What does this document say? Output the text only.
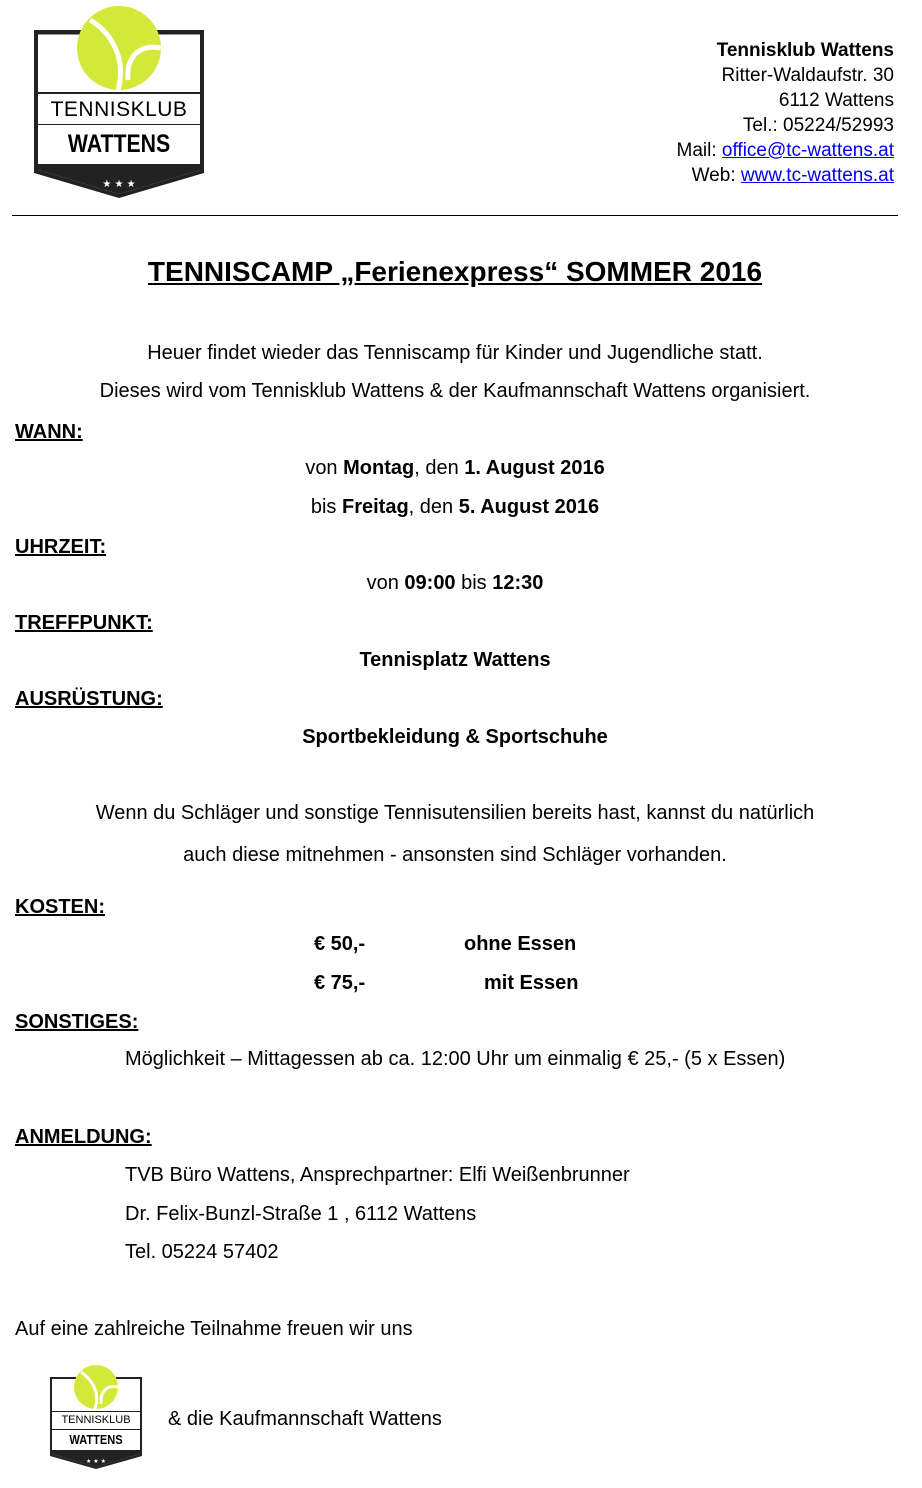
★ ★ ★
TENNISKLUB
WATTENS
Tennisklub Wattens
Ritter-Waldaufstr. 30
6112 Wattens
Tel.: 05224/52993
Mail: office@tc-wattens.at
Web: www.tc-wattens.at
TENNISCAMP „Ferienexpress“ SOMMER 2016
Heuer findet wieder das Tenniscamp für Kinder und Jugendliche statt.
Dieses wird vom Tennisklub Wattens & der Kaufmannschaft Wattens organisiert.
WANN:
von Montag, den 1. August 2016
bis Freitag, den 5. August 2016
UHRZEIT:
von 09:00 bis 12:30
TREFFPUNKT:
Tennisplatz Wattens
AUSRÜSTUNG:
Sportbekleidung & Sportschuhe
Wenn du Schläger und sonstige Tennisutensilien bereits hast, kannst du natürlich
auch diese mitnehmen - ansonsten sind Schläger vorhanden.
KOSTEN:
€ 50,-	ohne Essen
€ 75,-	mit Essen
SONSTIGES:
Möglichkeit – Mittagessen ab ca. 12:00 Uhr um einmalig € 25,- (5 x Essen)
ANMELDUNG:
TVB Büro Wattens, Ansprechpartner: Elfi Weißenbrunner
Dr. Felix-Bunzl-Straße 1 , 6112 Wattens
Tel. 05224 57402
Auf eine zahlreiche Teilnahme freuen wir uns
★ ★ ★
TENNISKLUB
WATTENS
& die Kaufmannschaft Wattens
